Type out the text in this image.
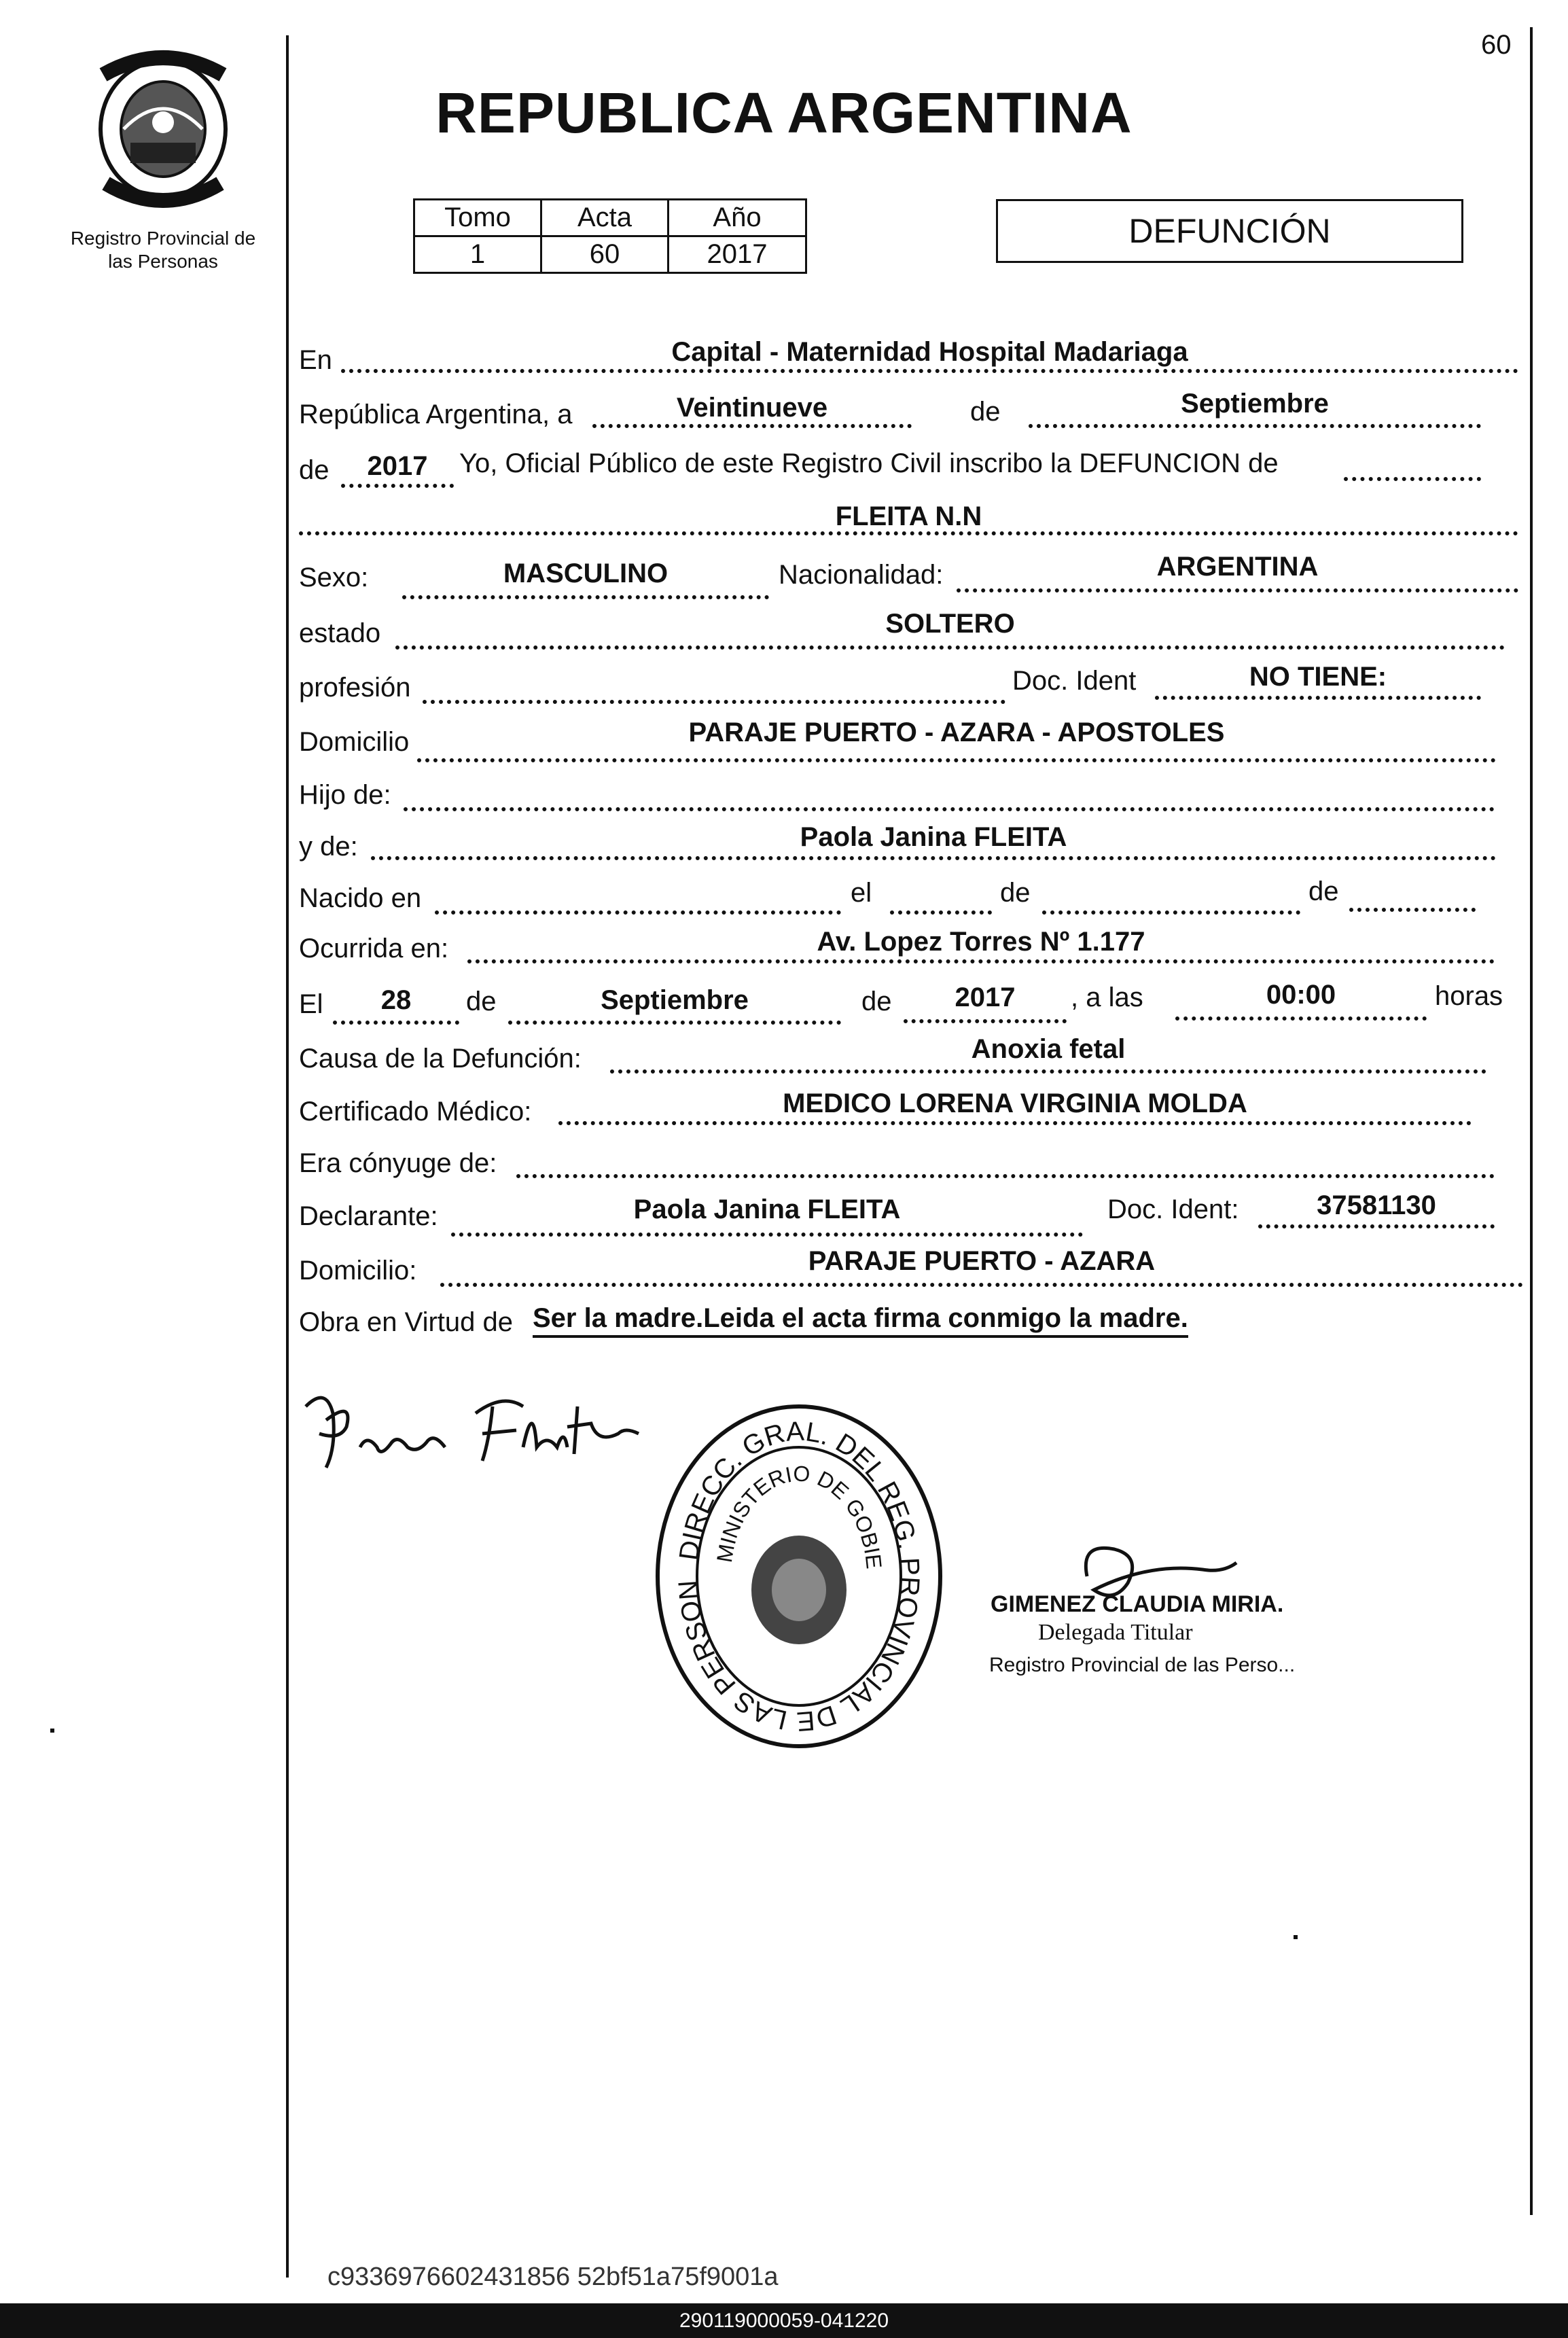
60
Registro Provincial de
las Personas
REPUBLICA ARGENTINA
Tomo	Acta	Año
1	60	2017
DEFUNCIÓN
En	Capital - Maternidad Hospital Madariaga
República Argentina, a	Veintinueve	de	Septiembre
de	2017	Yo, Oficial Público de este Registro Civil inscribo la DEFUNCION de
FLEITA N.N
Sexo:	MASCULINO	Nacionalidad:	ARGENTINA
estado	SOLTERO
profesión	Doc. Ident	NO TIENE:
Domicilio	PARAJE PUERTO - AZARA - APOSTOLES
Hijo de:
y de:	Paola Janina FLEITA
Nacido en	el	de	de
Ocurrida en:	Av. Lopez Torres Nº 1.177
El	28	de	Septiembre	de	2017	, a las	00:00	horas
Causa de la Defunción:	Anoxia fetal
Certificado Médico:	MEDICO LORENA VIRGINIA MOLDA
Era cónyuge de:
Declarante:	Paola Janina FLEITA	Doc. Ident:	37581130
Domicilio:	PARAJE PUERTO - AZARA
Obra en Virtud de Ser la madre.Leida el acta firma conmigo la madre.
DIRECC. GRAL. DEL REG. PROVINCIAL DE LAS PERSON
MINISTERIO DE GOBIE
GIMENEZ CLAUDIA MIRIA.
Delegada Titular
Registro Provincial de las Perso...
c9336976602431856 52bf51a75f9001a
290119000059-041220
